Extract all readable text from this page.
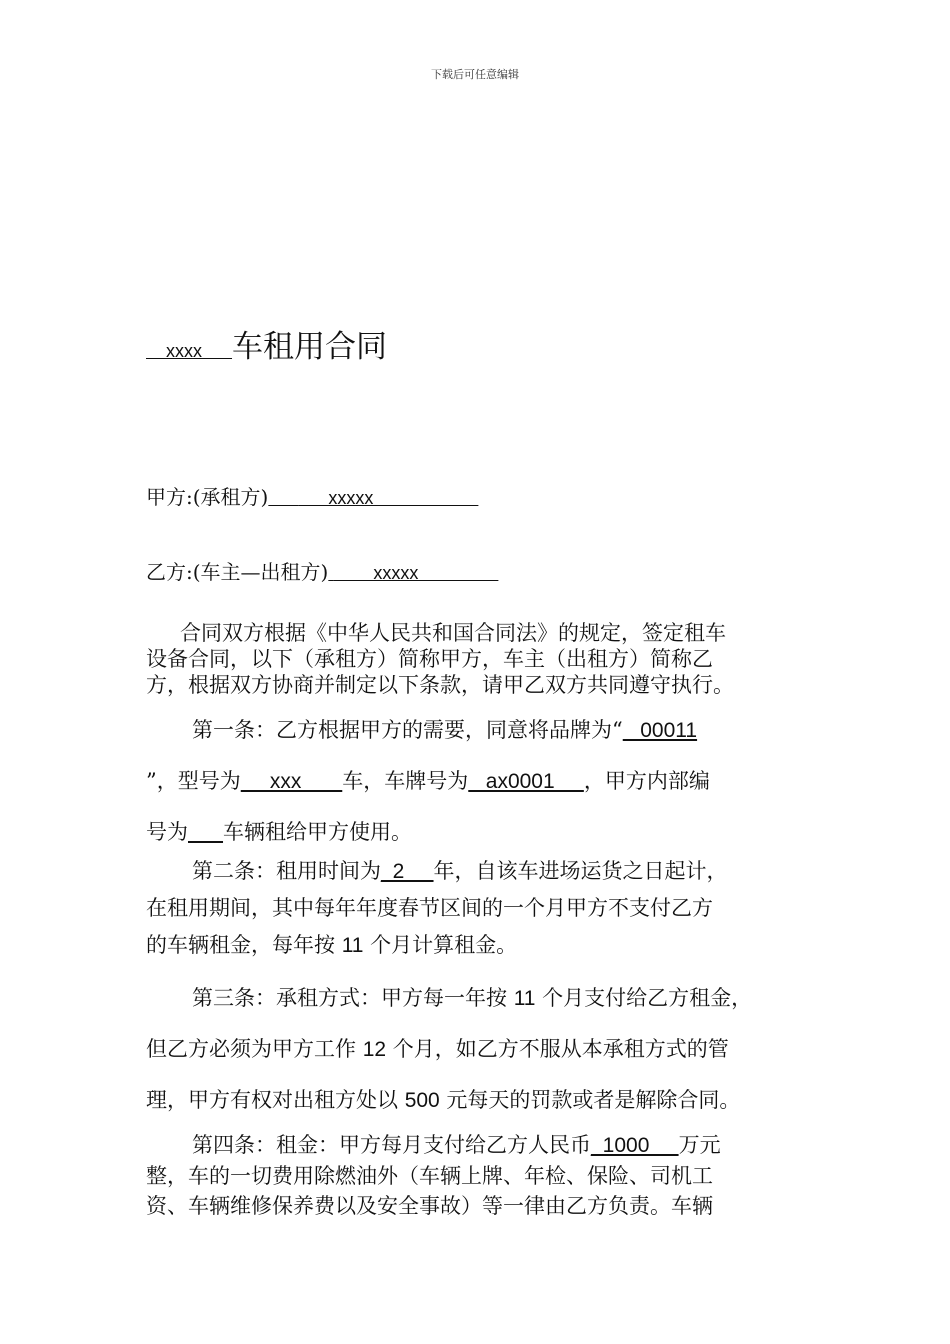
下载后可任意编辑
xxxx      车租用合同
甲方:(承租方)            xxxxx
乙方:(车主—出租方)         xxxxx
合同双方根据《中华人民共和国合同法》的规定，签定租车
设备合同，以下（承租方）简称甲方，车主（出租方）简称乙
方，根据双方协商并制定以下条款，请甲乙双方共同遵守执行。
第一条：乙方根据甲方的需要，同意将品牌为“   00011
”，型号为     xxx       车，车牌号为   ax0001     ，甲方内部编
号为 车辆租给甲方使用。
第二条：租用时间为_2     年，自该车进场运货之日起计，
在租用期间，其中每年年度春节区间的一个月甲方不支付乙方
的车辆租金，每年按 11 个月计算租金。
第三条：承租方式：甲方每一年按 11 个月支付给乙方租金，
但乙方必须为甲方工作 12 个月，如乙方不服从本承租方式的管
理，甲方有权对出租方处以 500 元每天的罚款或者是解除合同。
第四条：租金：甲方每月支付给乙方人民币_1000     万元
整，车的一切费用除燃油外（车辆上牌、年检、保险、司机工
资、车辆维修保养费以及安全事故）等一律由乙方负责。车辆
